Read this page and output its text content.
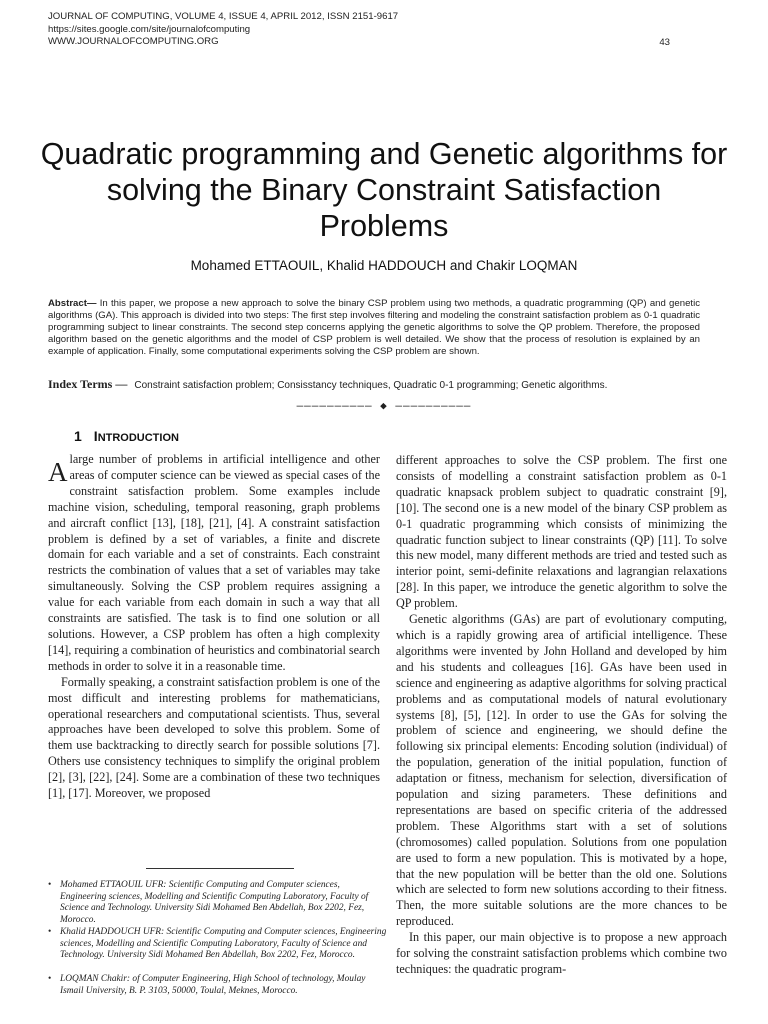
JOURNAL OF COMPUTING, VOLUME 4, ISSUE 4, APRIL 2012, ISSN 2151-9617
https://sites.google.com/site/journalofcomputing
WWW.JOURNALOFCOMPUTING.ORG	43
Quadratic programming and Genetic algorithms for solving the Binary Constraint Satisfaction Problems
Mohamed ETTAOUIL, Khalid HADDOUCH and Chakir LOQMAN
Abstract— In this paper, we propose a new approach to solve the binary CSP problem using two methods, a quadratic programming (QP) and genetic algorithms (GA). This approach is divided into two steps: The first step involves filtering and modeling the constraint satisfaction problem as 0-1 quadratic programming subject to linear constraints. The second step concerns applying the genetic algorithms to solve the QP problem. Therefore, the proposed algorithm based on the genetic algorithms and the model of CSP problem is well detailed. We show that the process of resolution is explained by an example of application. Finally, some computational experiments solving the CSP problem are shown.
Index Terms — Constraint satisfaction problem; Consisstancy techniques, Quadratic 0-1 programming; Genetic algorithms.
—————————— ◆ ——————————
1 INTRODUCTION

Alarge number of problems in artificial intelligence and other areas of computer science can be viewed as special cases of the constraint satisfaction problem. Some examples include machine vision, scheduling, temporal reasoning, graph problems and aircraft conflict [13], [18], [21], [4]. A constraint satisfaction problem is defined by a set of variables, a finite and discrete domain for each variable and a set of constraints. Each constraint restricts the combination of values that a set of variables may take simultaneously. Solving the CSP problem requires assigning a value for each variable from each domain in such a way that all constraints are satisfied. The task is to find one solution or all solutions. However, a CSP problem has often a high complexity [14], requiring a combination of heuristics and combinatorial search methods in order to solve it in a reasonable time.

Formally speaking, a constraint satisfaction problem is one of the most difficult and interesting problems for mathematicians, operational researchers and computational scientists. Thus, several approaches have been developed to solve this problem. Some of them use backtracking to directly search for possible solutions [7]. Others use consistency techniques to simplify the original problem [2], [3], [22], [24]. Some are a combination of these two techniques [1], [17]. Moreover, we proposed

different approaches to solve the CSP problem. The first one consists of modelling a constraint satisfaction problem as 0-1 quadratic knapsack problem subject to quadratic constraint [9], [10]. The second one is a new model of the binary CSP problem as 0-1 quadratic programming which consists of minimizing the quadratic function subject to linear constraints (QP) [11]. To solve this new model, many different methods are tried and tested such as interior point, semi-definite relaxations and lagrangian relaxations [28]. In this paper, we introduce the genetic algorithm to solve the QP problem.

Genetic algorithms (GAs) are part of evolutionary computing, which is a rapidly growing area of artificial intelligence. These algorithms were invented by John Holland and developed by him and his students and colleagues [16]. GAs have been used in science and engineering as adaptive algorithms for solving practical problems and as computational models of natural evolutionary systems [8], [5], [12]. In order to use the GAs for solving the problem of science and engineering, we should define the following six principal elements: Encoding solution (individual) of the population, generation of the initial population, function of adaptation or fitness, mechanism for selection, diversification of population and sizing parameters. These definitions and representations are based on specific criteria of the addressed problem. These Algorithms start with a set of solutions (chromosomes) called population. Solutions from one population are used to form a new population. This is motivated by a hope, that the new population will be better than the old one. Solutions which are selected to form new solutions according to their fitness. Then, the more suitable solutions are the more chances to be reproduced.

In this paper, our main objective is to propose a new approach for solving the constraint satisfaction problems which combine two techniques: the quadratic program-

• Mohamed ETTAOUIL UFR: Scientific Computing and Computer sciences, Engineering sciences, Modelling and Scientific Computing Laboratory, Faculty of Science and Technology. University Sidi Mohamed Ben Abdellah, Box 2202, Fez, Morocco.
• Khalid HADDOUCH UFR: Scientific Computing and Computer sciences, Engineering sciences, Modelling and Scientific Computing Laboratory, Faculty of Science and Technology. University Sidi Mohamed Ben Abdellah, Box 2202, Fez, Morocco.
• LOQMAN Chakir: of Computer Engineering, High School of technology, Moulay Ismail University, B. P. 3103, 50000, Toulal, Meknes, Morocco.
